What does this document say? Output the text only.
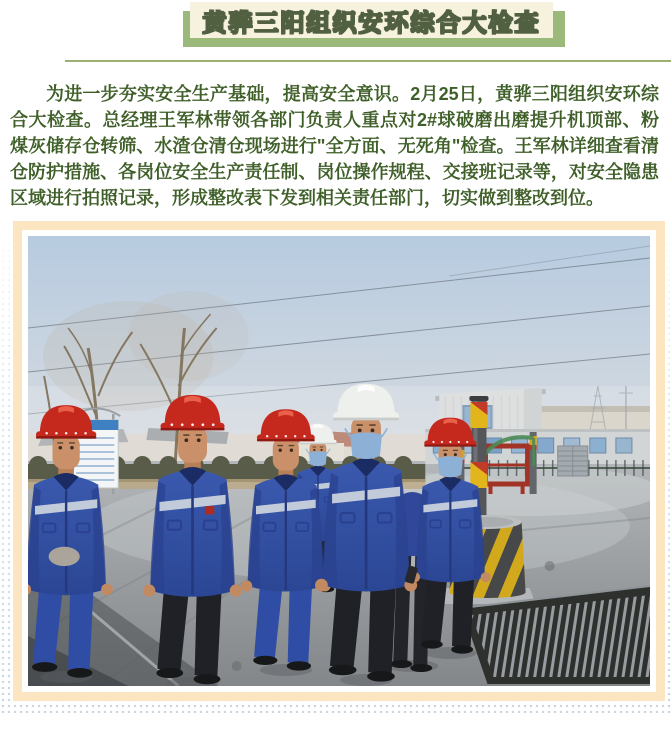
黄骅三阳组织安环综合大检查

为进一步夯实安全生产基础，提高安全意识。2月25日，黄骅三阳组织安环综合大检查。总经理王军林带领各部门负责人重点对2#球破磨出磨提升机顶部、粉煤灰储存仓转筛、水渣仓清仓现场进行"全方面、无死角"检查。王军林详细查看清仓防护措施、各岗位安全生产责任制、岗位操作规程、交接班记录等，对安全隐患区域进行拍照记录，形成整改表下发到相关责任部门，切实做到整改到位。
